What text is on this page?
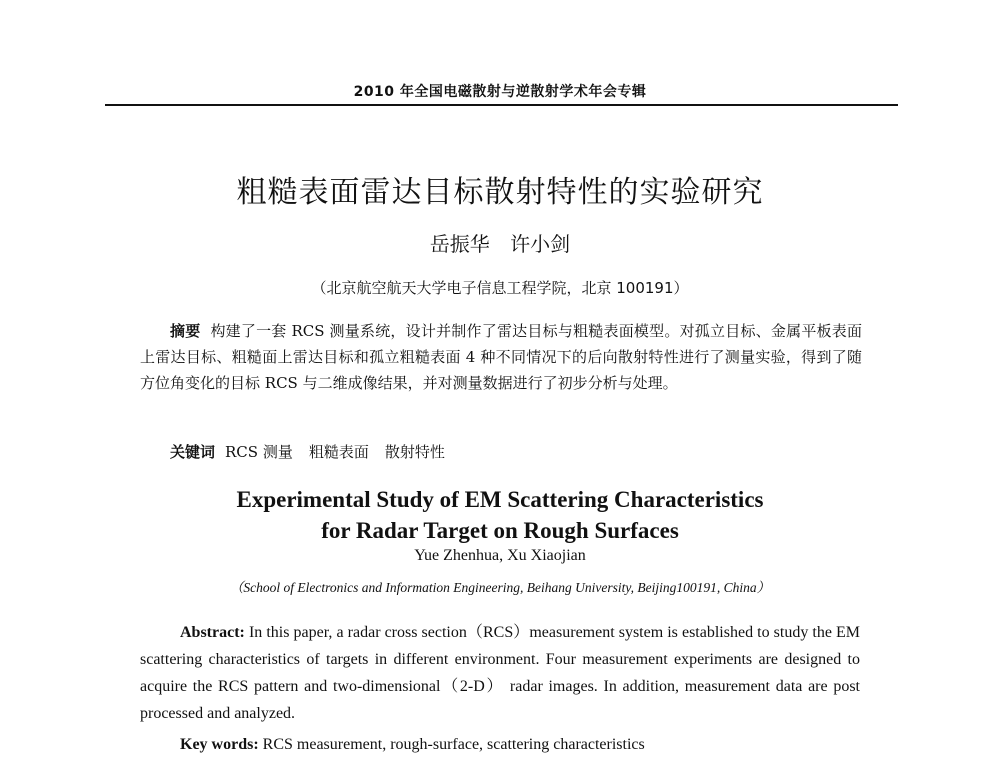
2010 年全国电磁散射与逆散射学术年会专辑
粗糙表面雷达目标散射特性的实验研究
岳振华 许小剑
（北京航空航天大学电子信息工程学院，北京 100191）

摘要 构建了一套 RCS 测量系统，设计并制作了雷达目标与粗糙表面模型。对孤立目标、金属平板表面上雷达目标、粗糙面上雷达目标和孤立粗糙表面 4 种不同情况下的后向散射特性进行了测量实验，得到了随方位角变化的目标 RCS 与二维成像结果，并对测量数据进行了初步分析与处理。

关键词 RCS 测量 粗糙表面 散射特性

Experimental Study of EM Scattering Characteristics
for Radar Target on Rough Surfaces
Yue Zhenhua, Xu Xiaojian
（School of Electronics and Information Engineering, Beihang University, Beijing100191, China）

Abstract: In this paper, a radar cross section（RCS）measurement system is established to study the EM scattering characteristics of targets in different environment. Four measurement experiments are designed to acquire the RCS pattern and two-dimensional（2-D） radar images. In addition, measurement data are post processed and analyzed.

Key words: RCS measurement, rough-surface, scattering characteristics
